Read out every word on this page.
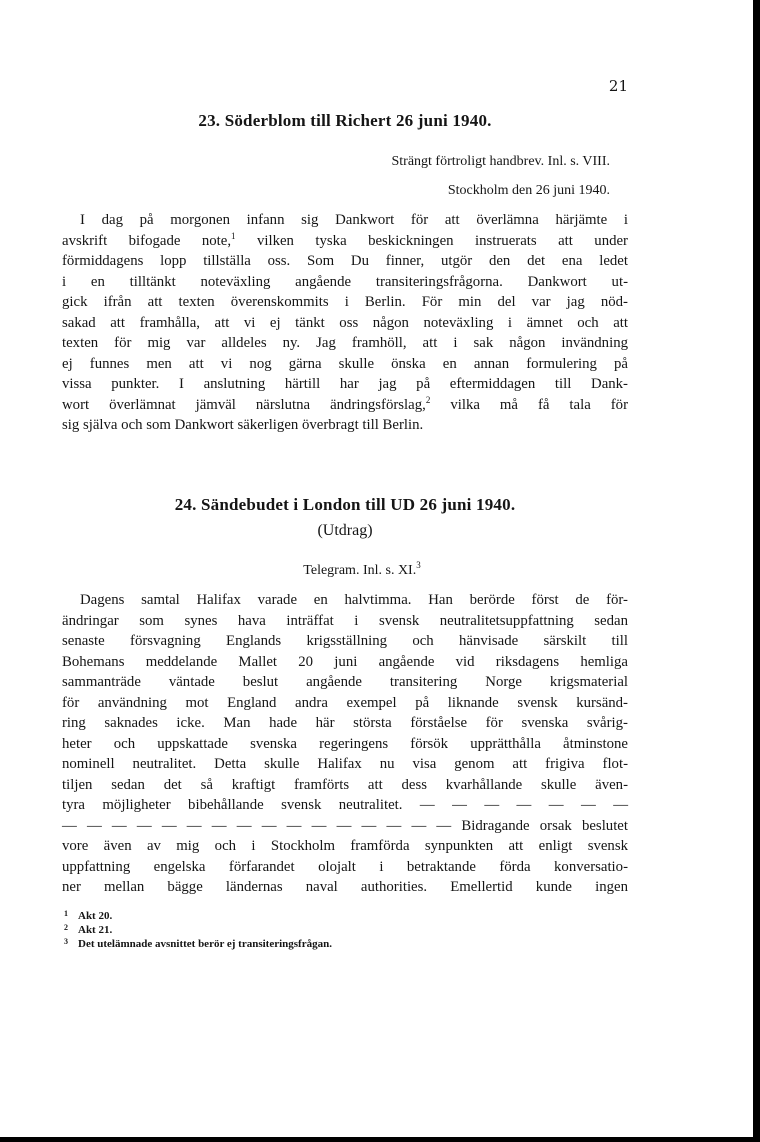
21
23. Söderblom till Richert 26 juni 1940.
Strängt förtroligt handbrev. Inl. s. VIII.
Stockholm den 26 juni 1940.
I dag på morgonen infann sig Dankwort för att överlämna härjämte i
avskrift bifogade note,$^1$ vilken tyska beskickningen instruerats att under
förmiddagens lopp tillställa oss. Som Du finner, utgör den det ena ledet
i en tilltänkt noteväxling angående transiteringsfrågorna. Dankwort ut-
gick ifrån att texten överenskommits i Berlin. För min del var jag nöd-
sakad att framhålla, att vi ej tänkt oss någon noteväxling i ämnet och att
texten för mig var alldeles ny. Jag framhöll, att i sak någon invändning
ej funnes men att vi nog gärna skulle önska en annan formulering på
vissa punkter. I anslutning härtill har jag på eftermiddagen till Dank-
wort överlämnat jämväl närslutna ändringsförslag,$^2$ vilka må få tala för
sig själva och som Dankwort säkerligen överbragt till Berlin.
24. Sändebudet i London till UD 26 juni 1940.
(Utdrag)
Telegram. Inl. s. XI.$^3$
Dagens samtal Halifax varade en halvtimma. Han berörde först de för-
ändringar som synes hava inträffat i svensk neutralitetsuppfattning sedan
senaste försvagning Englands krigsställning och hänvisade särskilt till
Bohemans meddelande Mallet 20 juni angående vid riksdagens hemliga
sammanträde väntade beslut angående transitering Norge krigsmaterial
för användning mot England andra exempel på liknande svensk kursänd-
ring saknades icke. Man hade här största förståelse för svenska svårig-
heter och uppskattade svenska regeringens försök upprätthålla åtminstone
nominell neutralitet. Detta skulle Halifax nu visa genom att frigiva flot-
tiljen sedan det så kraftigt framförts att dess kvarhållande skulle även-
tyra möjligheter bibehållande svensk neutralitet. — — — — — — —
— — — — — — — — — — — — — — — — Bidragande orsak beslutet
vore även av mig och i Stockholm framförda synpunkten att enligt svensk
uppfattning engelska förfarandet olojalt i betraktande förda konversatio-
ner mellan bägge ländernas naval authorities. Emellertid kunde ingen
1 Akt 20.
2 Akt 21.
3 Det utelämnade avsnittet berör ej transiteringsfrågan.
